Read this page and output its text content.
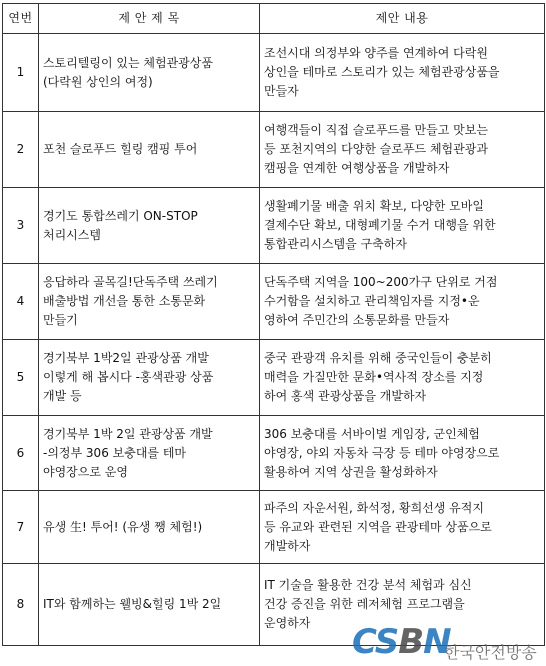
연번	제 안 제 목	제안 내용
1	스토리텔링이 있는 체험관광상품
(다락원 상인의 여정)	조선시대 의정부와 양주를 연계하여 다락원
상인을 테마로 스토리가 있는 체험관광상품을
만들자

2	포천 슬로푸드 힐링 캠핑 투어	여행객들이 직접 슬로푸드를 만들고 맛보는
등 포천지역의 다양한 슬로푸드 체험관광과
캠핑을 연계한 여행상품을 개발하자

3	경기도 통합쓰레기 ON-STOP
처리시스템	생활폐기물 배출 위치 확보, 다양한 모바일
결제수단 확보, 대형폐기물 수거 대행을 위한
통합관리시스템을 구축하자

4	응답하라 골목길!단독주택 쓰레기
배출방법 개선을 통한 소통문화
만들기	단독주택 지역을 100~200가구 단위로 거점
수거함을 설치하고 관리책임자를 지정•운
영하여 주민간의 소통문화를 만들자

5	경기북부 1박2일 관광상품 개발
이렇게 해 봅시다 -홍색관광 상품
개발 등	중국 관광객 유치를 위해 중국인들이 충분히
매력을 가질만한 문화•역사적 장소를 지정
하여 홍색 관광상품을 개발하자

6	경기북부 1박 2일 관광상품 개발
-의정부 306 보충대를 테마
야영장으로 운영	306 보충대를 서바이벌 게임장, 군인체험
야영장, 야외 자동차 극장 등 테마 야영장으로
활용하여 지역 상권을 활성화하자

7	유생 生! 투어! (유생 쨍 체험!)	파주의 자운서원, 화석정, 황희선생 유적지
등 유교와 관련된 지역을 관광테마 상품으로
개발하자

8	IT와 함께하는 웰빙&힐링 1박 2일	IT 기술을 활용한 건강 분석 체험과 심신
건강 증진을 위한 레저체험 프로그램을
운영하자	CSBN
한국안전방송
